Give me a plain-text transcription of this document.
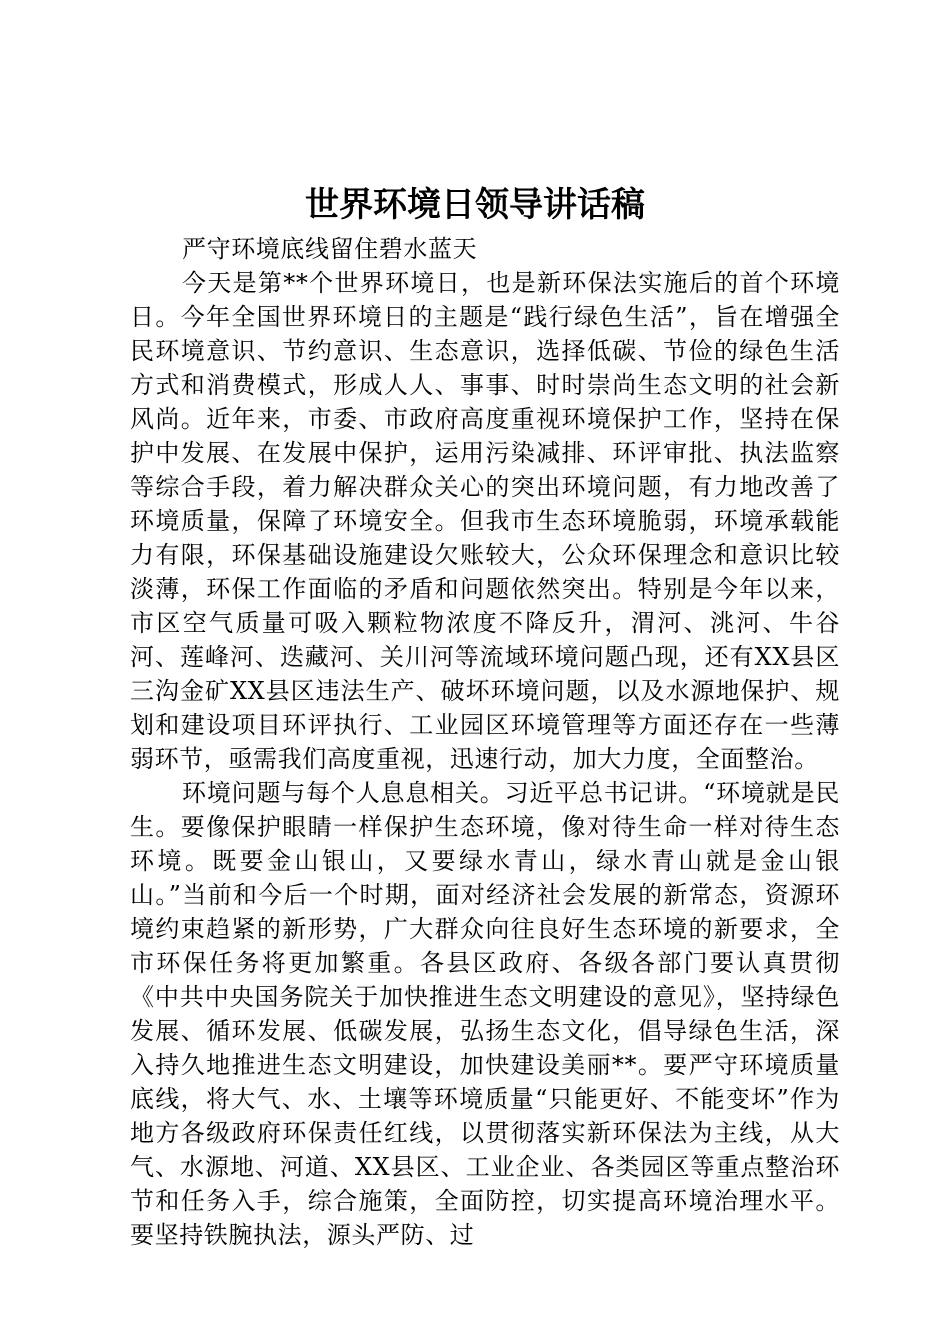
世界环境日领导讲话稿

严守环境底线留住碧水蓝天

今天是第**个世界环境日，也是新环保法实施后的首个环境日。今年全国世界环境日的主题是“践行绿色生活”，旨在增强全民环境意识、节约意识、生态意识，选择低碳、节俭的绿色生活方式和消费模式，形成人人、事事、时时崇尚生态文明的社会新风尚。近年来，市委、市政府高度重视环境保护工作，坚持在保护中发展、在发展中保护，运用污染减排、环评审批、执法监察等综合手段，着力解决群众关心的突出环境问题，有力地改善了环境质量，保障了环境安全。但我市生态环境脆弱，环境承载能力有限，环保基础设施建设欠账较大，公众环保理念和意识比较淡薄，环保工作面临的矛盾和问题依然突出。特别是今年以来，市区空气质量可吸入颗粒物浓度不降反升，渭河、洮河、牛谷河、莲峰河、迭藏河、关川河等流域环境问题凸现，还有XX县区三沟金矿XX县区违法生产、破坏环境问题，以及水源地保护、规划和建设项目环评执行、工业园区环境管理等方面还存在一些薄弱环节，亟需我们高度重视，迅速行动，加大力度，全面整治。

环境问题与每个人息息相关。习近平总书记讲。“环境就是民生。要像保护眼睛一样保护生态环境，像对待生命一样对待生态环境。既要金山银山，又要绿水青山，绿水青山就是金山银山。”当前和今后一个时期，面对经济社会发展的新常态，资源环境约束趋紧的新形势，广大群众向往良好生态环境的新要求，全市环保任务将更加繁重。各县区政府、各级各部门要认真贯彻《中共中央国务院关于加快推进生态文明建设的意见》，坚持绿色发展、循环发展、低碳发展，弘扬生态文化，倡导绿色生活，深入持久地推进生态文明建设，加快建设美丽**。要严守环境质量底线，将大气、水、土壤等环境质量“只能更好、不能变坏”作为地方各级政府环保责任红线，以贯彻落实新环保法为主线，从大气、水源地、河道、XX县区、工业企业、各类园区等重点整治环节和任务入手，综合施策，全面防控，切实提高环境治理水平。要坚持铁腕执法，源头严防、过
